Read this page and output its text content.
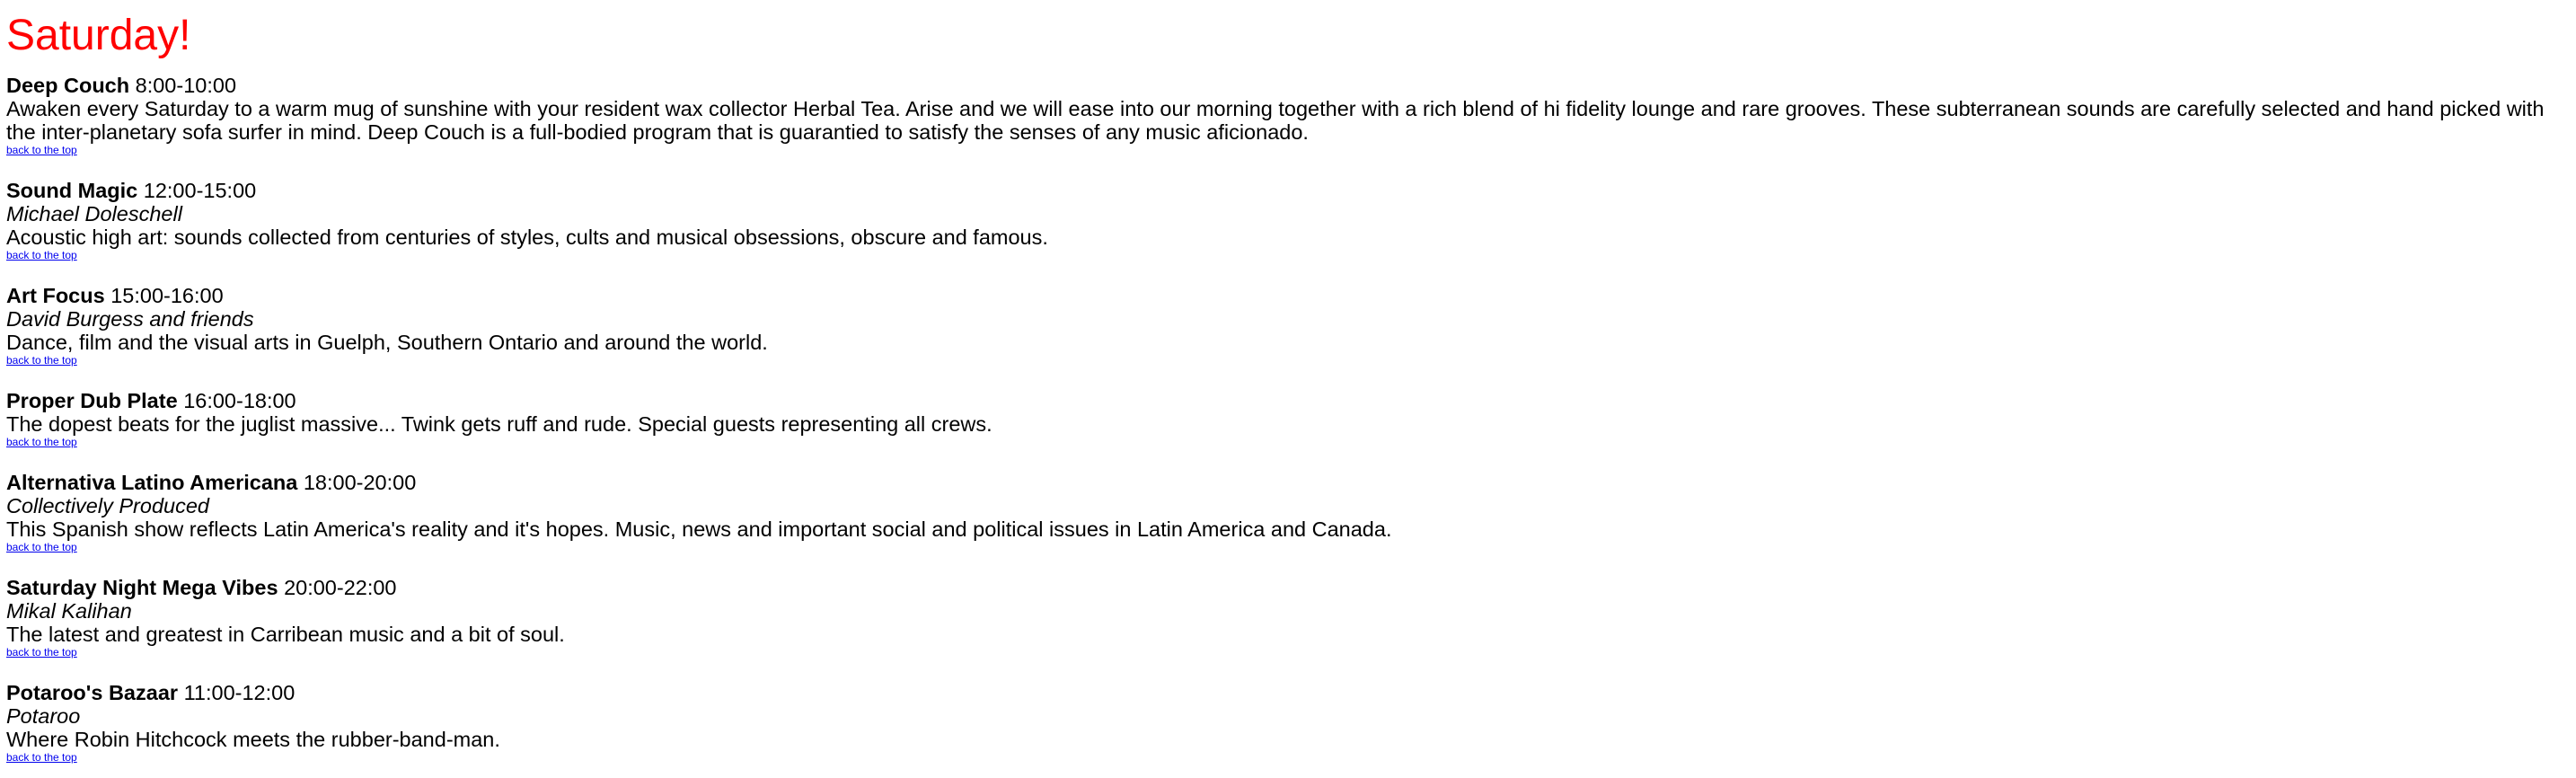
Saturday!
Deep Couch 8:00-10:00
Awaken every Saturday to a warm mug of sunshine with your resident wax collector Herbal Tea. Arise and we will ease into our morning together with a rich blend of hi fidelity lounge and rare grooves. These subterranean sounds are carefully selected and hand picked with the inter-planetary sofa surfer in mind. Deep Couch is a full-bodied program that is guarantied to satisfy the senses of any music aficionado.
back to the top
Sound Magic 12:00-15:00
Michael Doleschell
Acoustic high art: sounds collected from centuries of styles, cults and musical obsessions, obscure and famous.
back to the top
Art Focus 15:00-16:00
David Burgess and friends
Dance, film and the visual arts in Guelph, Southern Ontario and around the world.
back to the top
Proper Dub Plate 16:00-18:00
The dopest beats for the juglist massive... Twink gets ruff and rude. Special guests representing all crews.
back to the top
Alternativa Latino Americana 18:00-20:00
Collectively Produced
This Spanish show reflects Latin America's reality and it's hopes. Music, news and important social and political issues in Latin America and Canada.
back to the top
Saturday Night Mega Vibes 20:00-22:00
Mikal Kalihan
The latest and greatest in Carribean music and a bit of soul.
back to the top
Potaroo's Bazaar 11:00-12:00
Potaroo
Where Robin Hitchcock meets the rubber-band-man.
back to the top
